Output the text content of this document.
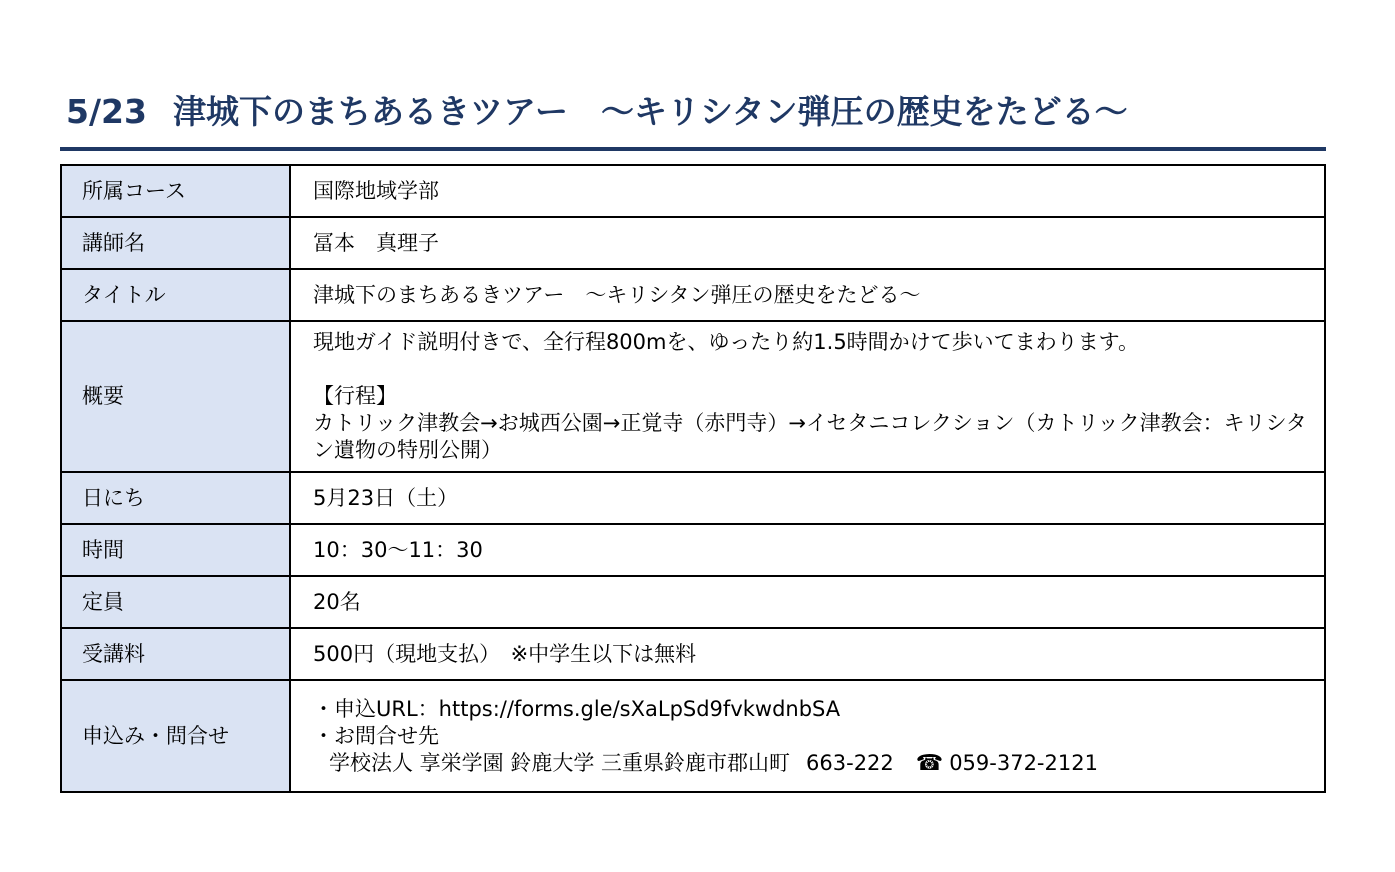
5/23 津城下のまちあるきツアー　～キリシタン弾圧の歴史をたどる～
所属コース	国際地域学部
講師名	冨本　真理子
タイトル	津城下のまちあるきツアー　～キリシタン弾圧の歴史をたどる～
概要	現地ガイド説明付きで、全行程800mを、ゆったり約1.5時間かけて歩いてまわります。
【行程】
カトリック津教会→お城西公園→正覚寺（赤門寺）→イセタニコレクション（カトリック津教会：キリシタン遺物の特別公開）

日にち	5月23日（土）
時間	10：30～11：30
定員	20名
受講料	500円（現地支払）　※中学生以下は無料
申込み・問合せ	・申込URL：https://forms.gle/sXaLpSd9fvkwdnbSA
・お問合せ先
学校法人 享栄学園 鈴鹿大学 三重県鈴鹿市郡山町 663-222 ☎ 059-372-2121
